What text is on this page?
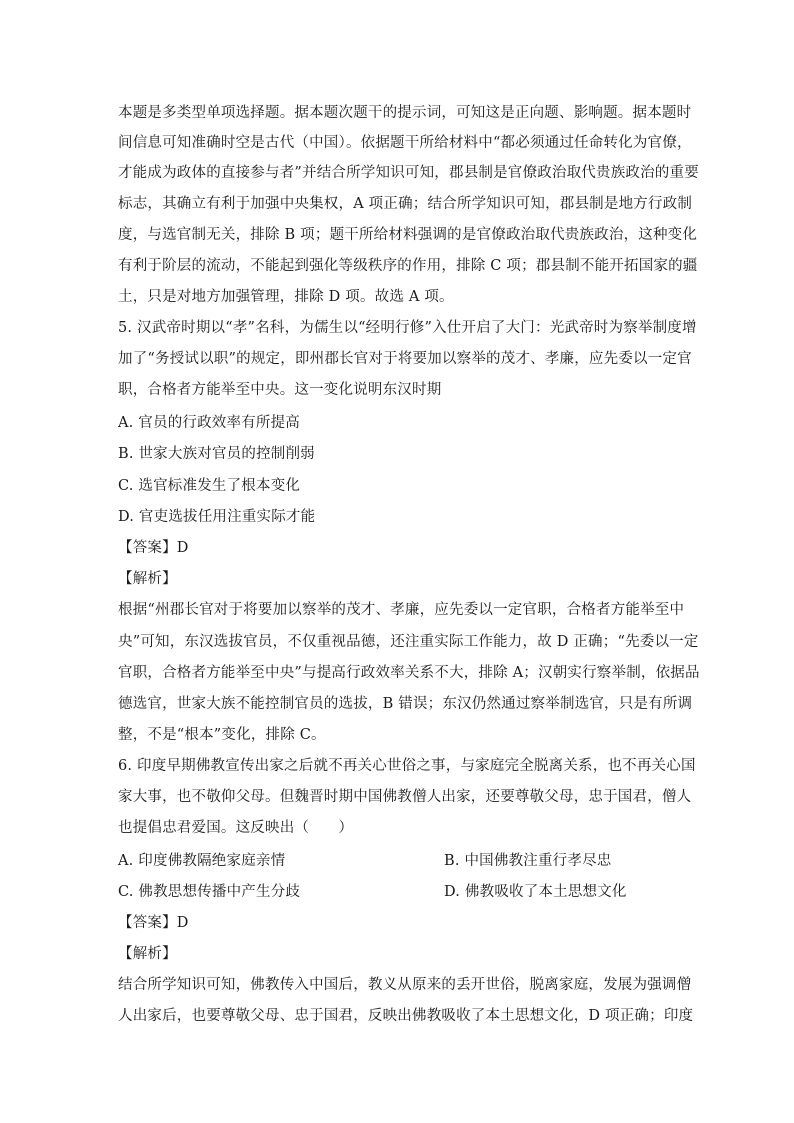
本题是多类型单项选择题。据本题次题干的提示词，可知这是正向题、影响题。据本题时
间信息可知准确时空是古代（中国）。依据题干所给材料中“都必须通过任命转化为官僚，
才能成为政体的直接参与者”并结合所学知识可知，郡县制是官僚政治取代贵族政治的重要
标志，其确立有利于加强中央集权，A 项正确；结合所学知识可知，郡县制是地方行政制
度，与选官制无关，排除 B 项；题干所给材料强调的是官僚政治取代贵族政治，这种变化
有利于阶层的流动，不能起到强化等级秩序的作用，排除 C 项；郡县制不能开拓国家的疆
土，只是对地方加强管理，排除 D 项。故选 A 项。
5. 汉武帝时期以“孝”名科，为儒生以“经明行修”入仕开启了大门：光武帝时为察举制度增
加了“务授试以职”的规定，即州郡长官对于将要加以察举的茂才、孝廉，应先委以一定官
职，合格者方能举至中央。这一变化说明东汉时期
A. 官员的行政效率有所提高
B. 世家大族对官员的控制削弱
C. 选官标准发生了根本变化
D. 官吏选拔任用注重实际才能
【答案】D
【解析】
根据“州郡长官对于将要加以察举的茂才、孝廉，应先委以一定官职，合格者方能举至中
央”可知，东汉选拔官员，不仅重视品德，还注重实际工作能力，故 D 正确；“先委以一定
官职，合格者方能举至中央”与提高行政效率关系不大，排除 A；汉朝实行察举制，依据品
德选官，世家大族不能控制官员的选拔，B 错误；东汉仍然通过察举制选官，只是有所调
整，不是“根本”变化，排除 C。
6. 印度早期佛教宣传出家之后就不再关心世俗之事，与家庭完全脱离关系，也不再关心国
家大事，也不敬仰父母。但魏晋时期中国佛教僧人出家，还要尊敬父母，忠于国君，僧人
也提倡忠君爱国。这反映出（　　）
A. 印度佛教隔绝家庭亲情	B. 中国佛教注重行孝尽忠
C. 佛教思想传播中产生分歧	D. 佛教吸收了本土思想文化
【答案】D
【解析】
结合所学知识可知，佛教传入中国后，教义从原来的丢开世俗，脱离家庭，发展为强调僧
人出家后，也要尊敬父母、忠于国君，反映出佛教吸收了本土思想文化，D 项正确；印度
